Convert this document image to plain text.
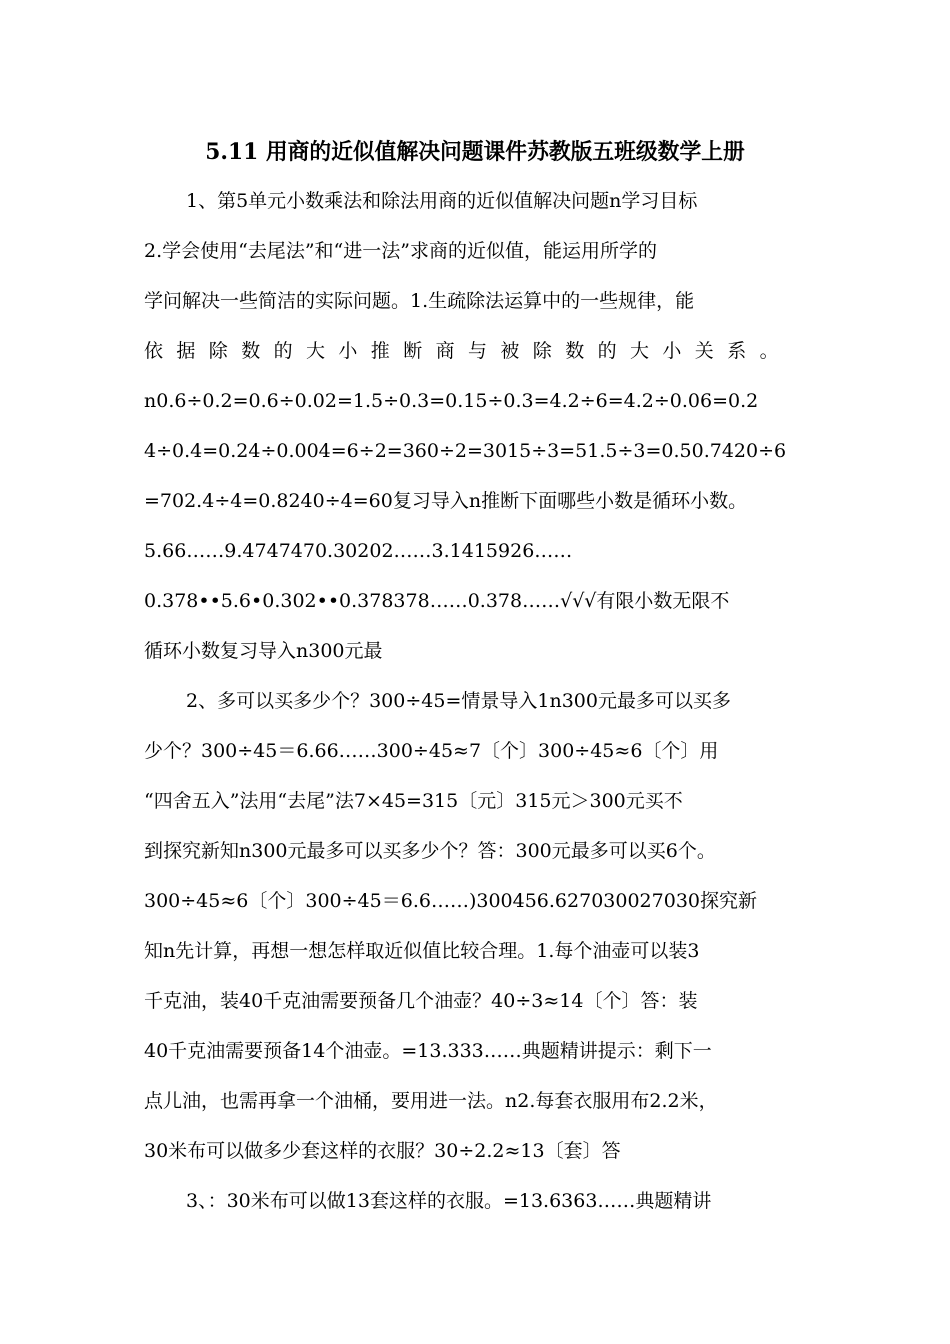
5.11 用商的近似值解决问题课件苏教版五班级数学上册
1、第5单元小数乘法和除法用商的近似值解决问题n学习目标
2.学会使用“去尾法”和“进一法”求商的近似值，能运用所学的
学问解决一些简洁的实际问题。1.生疏除法运算中的一些规律，能
依据除数的大小推断商与被除数的大小关系。
n0.6÷0.2=0.6÷0.02=1.5÷0.3=0.15÷0.3=4.2÷6=4.2÷0.06=0.2
4÷0.4=0.24÷0.004=6÷2=360÷2=3015÷3=51.5÷3=0.50.7420÷6
=702.4÷4=0.8240÷4=60复习导入n推断下面哪些小数是循环小数。
5.66……9.4747470.30202……3.1415926……
0.378••5.6•0.302••0.378378……0.378……√√√有限小数无限不
循环小数复习导入n300元最
2、多可以买多少个？300÷45=情景导入1n300元最多可以买多
少个？300÷45＝6.66……300÷45≈7〔个〕300÷45≈6〔个〕用
“四舍五入”法用“去尾”法7×45=315〔元〕315元＞300元买不
到探究新知n300元最多可以买多少个？答：300元最多可以买6个。
300÷45≈6〔个〕300÷45＝6.6……)300456.627030027030探究新
知n先计算，再想一想怎样取近似值比较合理。1.每个油壶可以装3
千克油，装40千克油需要预备几个油壶？40÷3≈14〔个〕答：装
40千克油需要预备14个油壶。=13.333……典题精讲提示：剩下一
点儿油，也需再拿一个油桶，要用进一法。n2.每套衣服用布2.2米，
30米布可以做多少套这样的衣服？30÷2.2≈13〔套〕答
3、：30米布可以做13套这样的衣服。=13.6363……典题精讲
